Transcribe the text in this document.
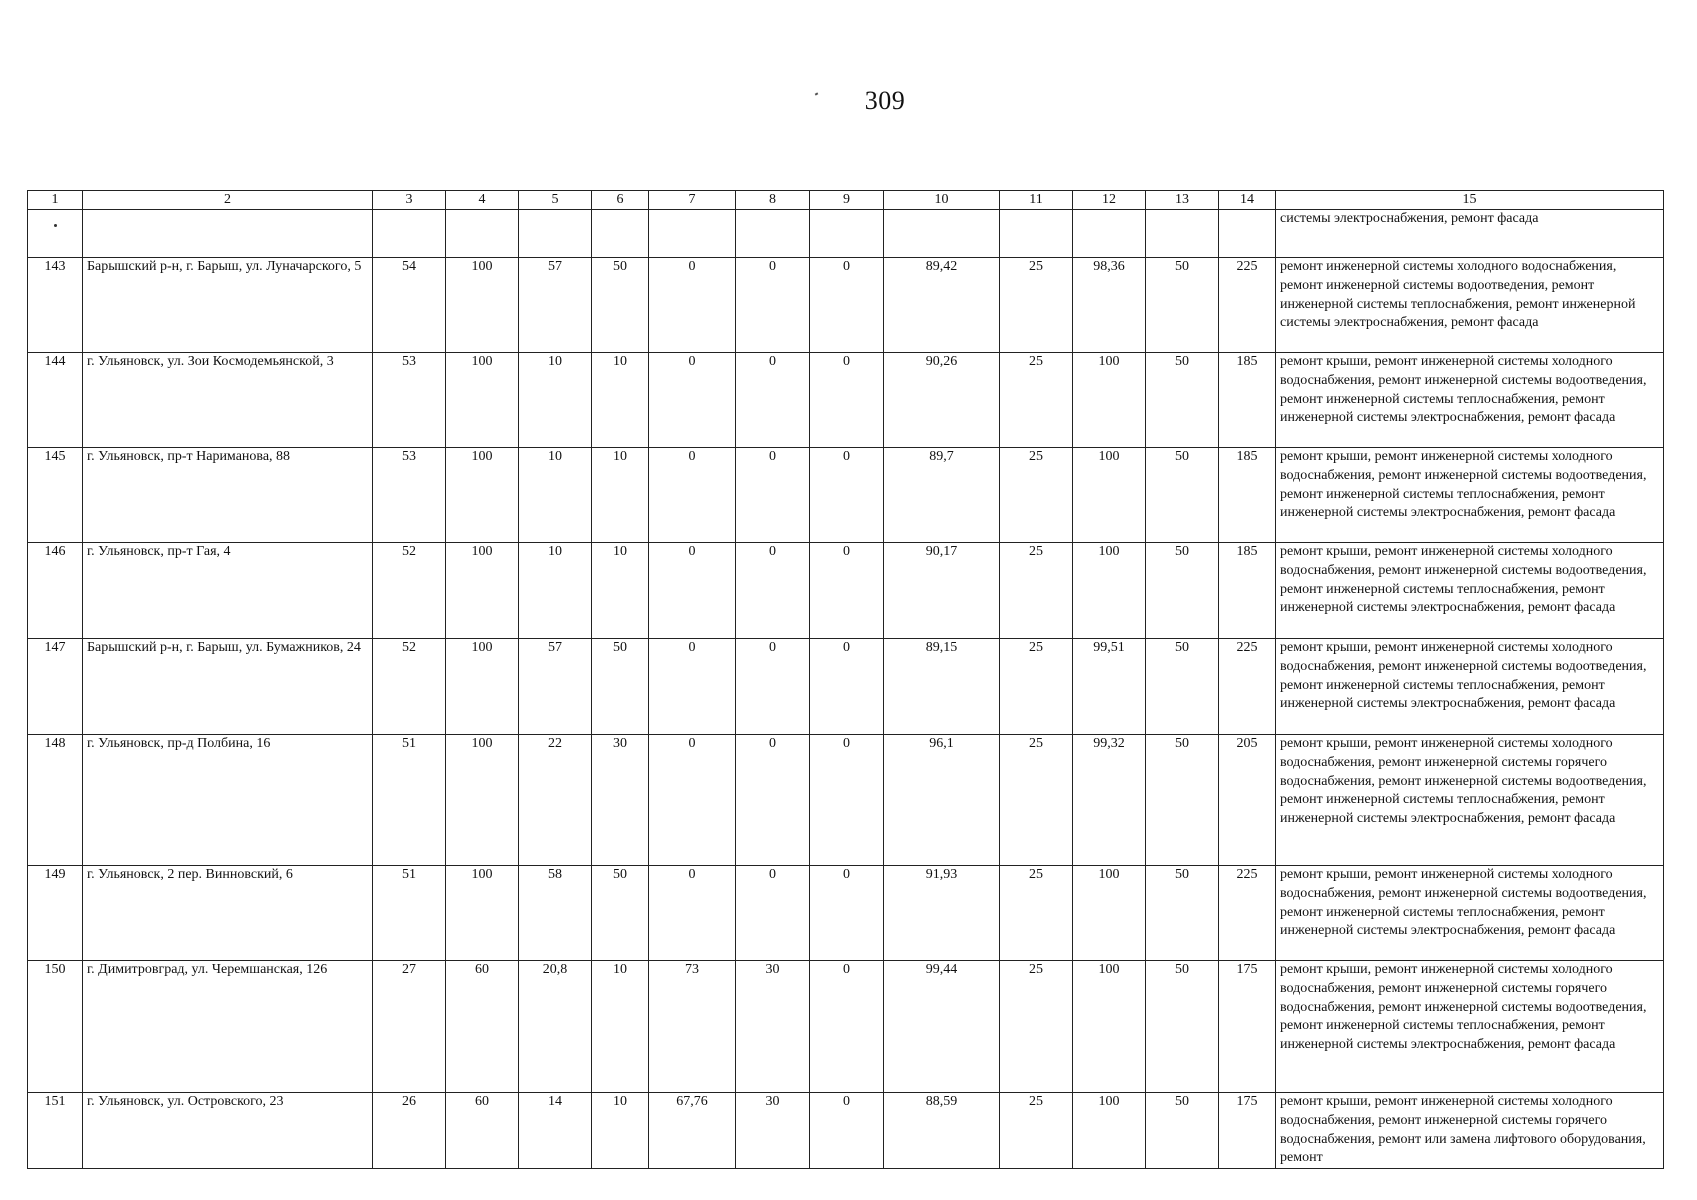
309
1	2	3	4	5	6	7	8	9	10	11	12	13	14	15
														системы электроснабжения, ремонт фасада
143	Барышский р-н, г. Барыш, ул. Луначарского, 5	54	100	57	50	0	0	0	89,42	25	98,36	50	225	ремонт инженерной системы холодного водоснабжения, ремонт инженерной системы водоотведения, ремонт инженерной системы теплоснабжения, ремонт инженерной системы электроснабжения, ремонт фасада
144	г. Ульяновск, ул. Зои Космодемьянской, 3	53	100	10	10	0	0	0	90,26	25	100	50	185	ремонт крыши, ремонт инженерной системы холодного водоснабжения, ремонт инженерной системы водоотведения, ремонт инженерной системы теплоснабжения, ремонт инженерной системы электроснабжения, ремонт фасада
145	г. Ульяновск, пр-т Нариманова, 88	53	100	10	10	0	0	0	89,7	25	100	50	185	ремонт крыши, ремонт инженерной системы холодного водоснабжения, ремонт инженерной системы водоотведения, ремонт инженерной системы теплоснабжения, ремонт инженерной системы электроснабжения, ремонт фасада
146	г. Ульяновск, пр-т Гая, 4	52	100	10	10	0	0	0	90,17	25	100	50	185	ремонт крыши, ремонт инженерной системы холодного водоснабжения, ремонт инженерной системы водоотведения, ремонт инженерной системы теплоснабжения, ремонт инженерной системы электроснабжения, ремонт фасада
147	Барышский р-н, г. Барыш, ул. Бумажников, 24	52	100	57	50	0	0	0	89,15	25	99,51	50	225	ремонт крыши, ремонт инженерной системы холодного водоснабжения, ремонт инженерной системы водоотведения, ремонт инженерной системы теплоснабжения, ремонт инженерной системы электроснабжения, ремонт фасада
148	г. Ульяновск, пр-д Полбина, 16	51	100	22	30	0	0	0	96,1	25	99,32	50	205	ремонт крыши, ремонт инженерной системы холодного водоснабжения, ремонт инженерной системы горячего водоснабжения, ремонт инженерной системы водоотведения, ремонт инженерной системы теплоснабжения, ремонт инженерной системы электроснабжения, ремонт фасада
149	г. Ульяновск, 2 пер. Винновский, 6	51	100	58	50	0	0	0	91,93	25	100	50	225	ремонт крыши, ремонт инженерной системы холодного водоснабжения, ремонт инженерной системы водоотведения, ремонт инженерной системы теплоснабжения, ремонт инженерной системы электроснабжения, ремонт фасада
150	г. Димитровград, ул. Черемшанская, 126	27	60	20,8	10	73	30	0	99,44	25	100	50	175	ремонт крыши, ремонт инженерной системы холодного водоснабжения, ремонт инженерной системы горячего водоснабжения, ремонт инженерной системы водоотведения, ремонт инженерной системы теплоснабжения, ремонт инженерной системы электроснабжения, ремонт фасада
151	г. Ульяновск, ул. Островского, 23	26	60	14	10	67,76	30	0	88,59	25	100	50	175	ремонт крыши, ремонт инженерной системы холодного водоснабжения, ремонт инженерной системы горячего водоснабжения, ремонт или замена лифтового оборудования, ремонт
